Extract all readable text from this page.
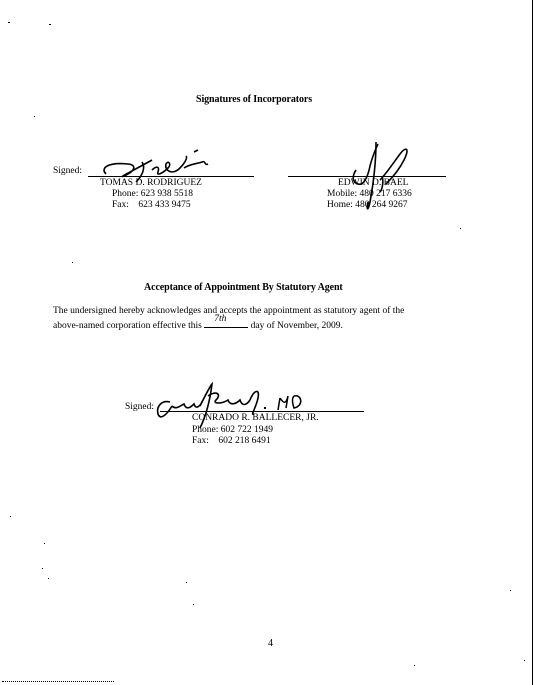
Signatures of Incorporators
Signed:
TOMAS D. RODRIGUEZ
Phone: 623 938 5518
Fax:    623 433 9475
EDWIN D. BAEL
Mobile: 480 217 6336
Home: 480 264 9267
Acceptance of Appointment By Statutory Agent
The undersigned hereby acknowledges and accepts the appointment as statutory agent of the
above-named corporation effective this
7th
day of November, 2009.
Signed:
CONRADO R. BALLECER, JR.
Phone: 602 722 1949
Fax:    602 218 6491
4
